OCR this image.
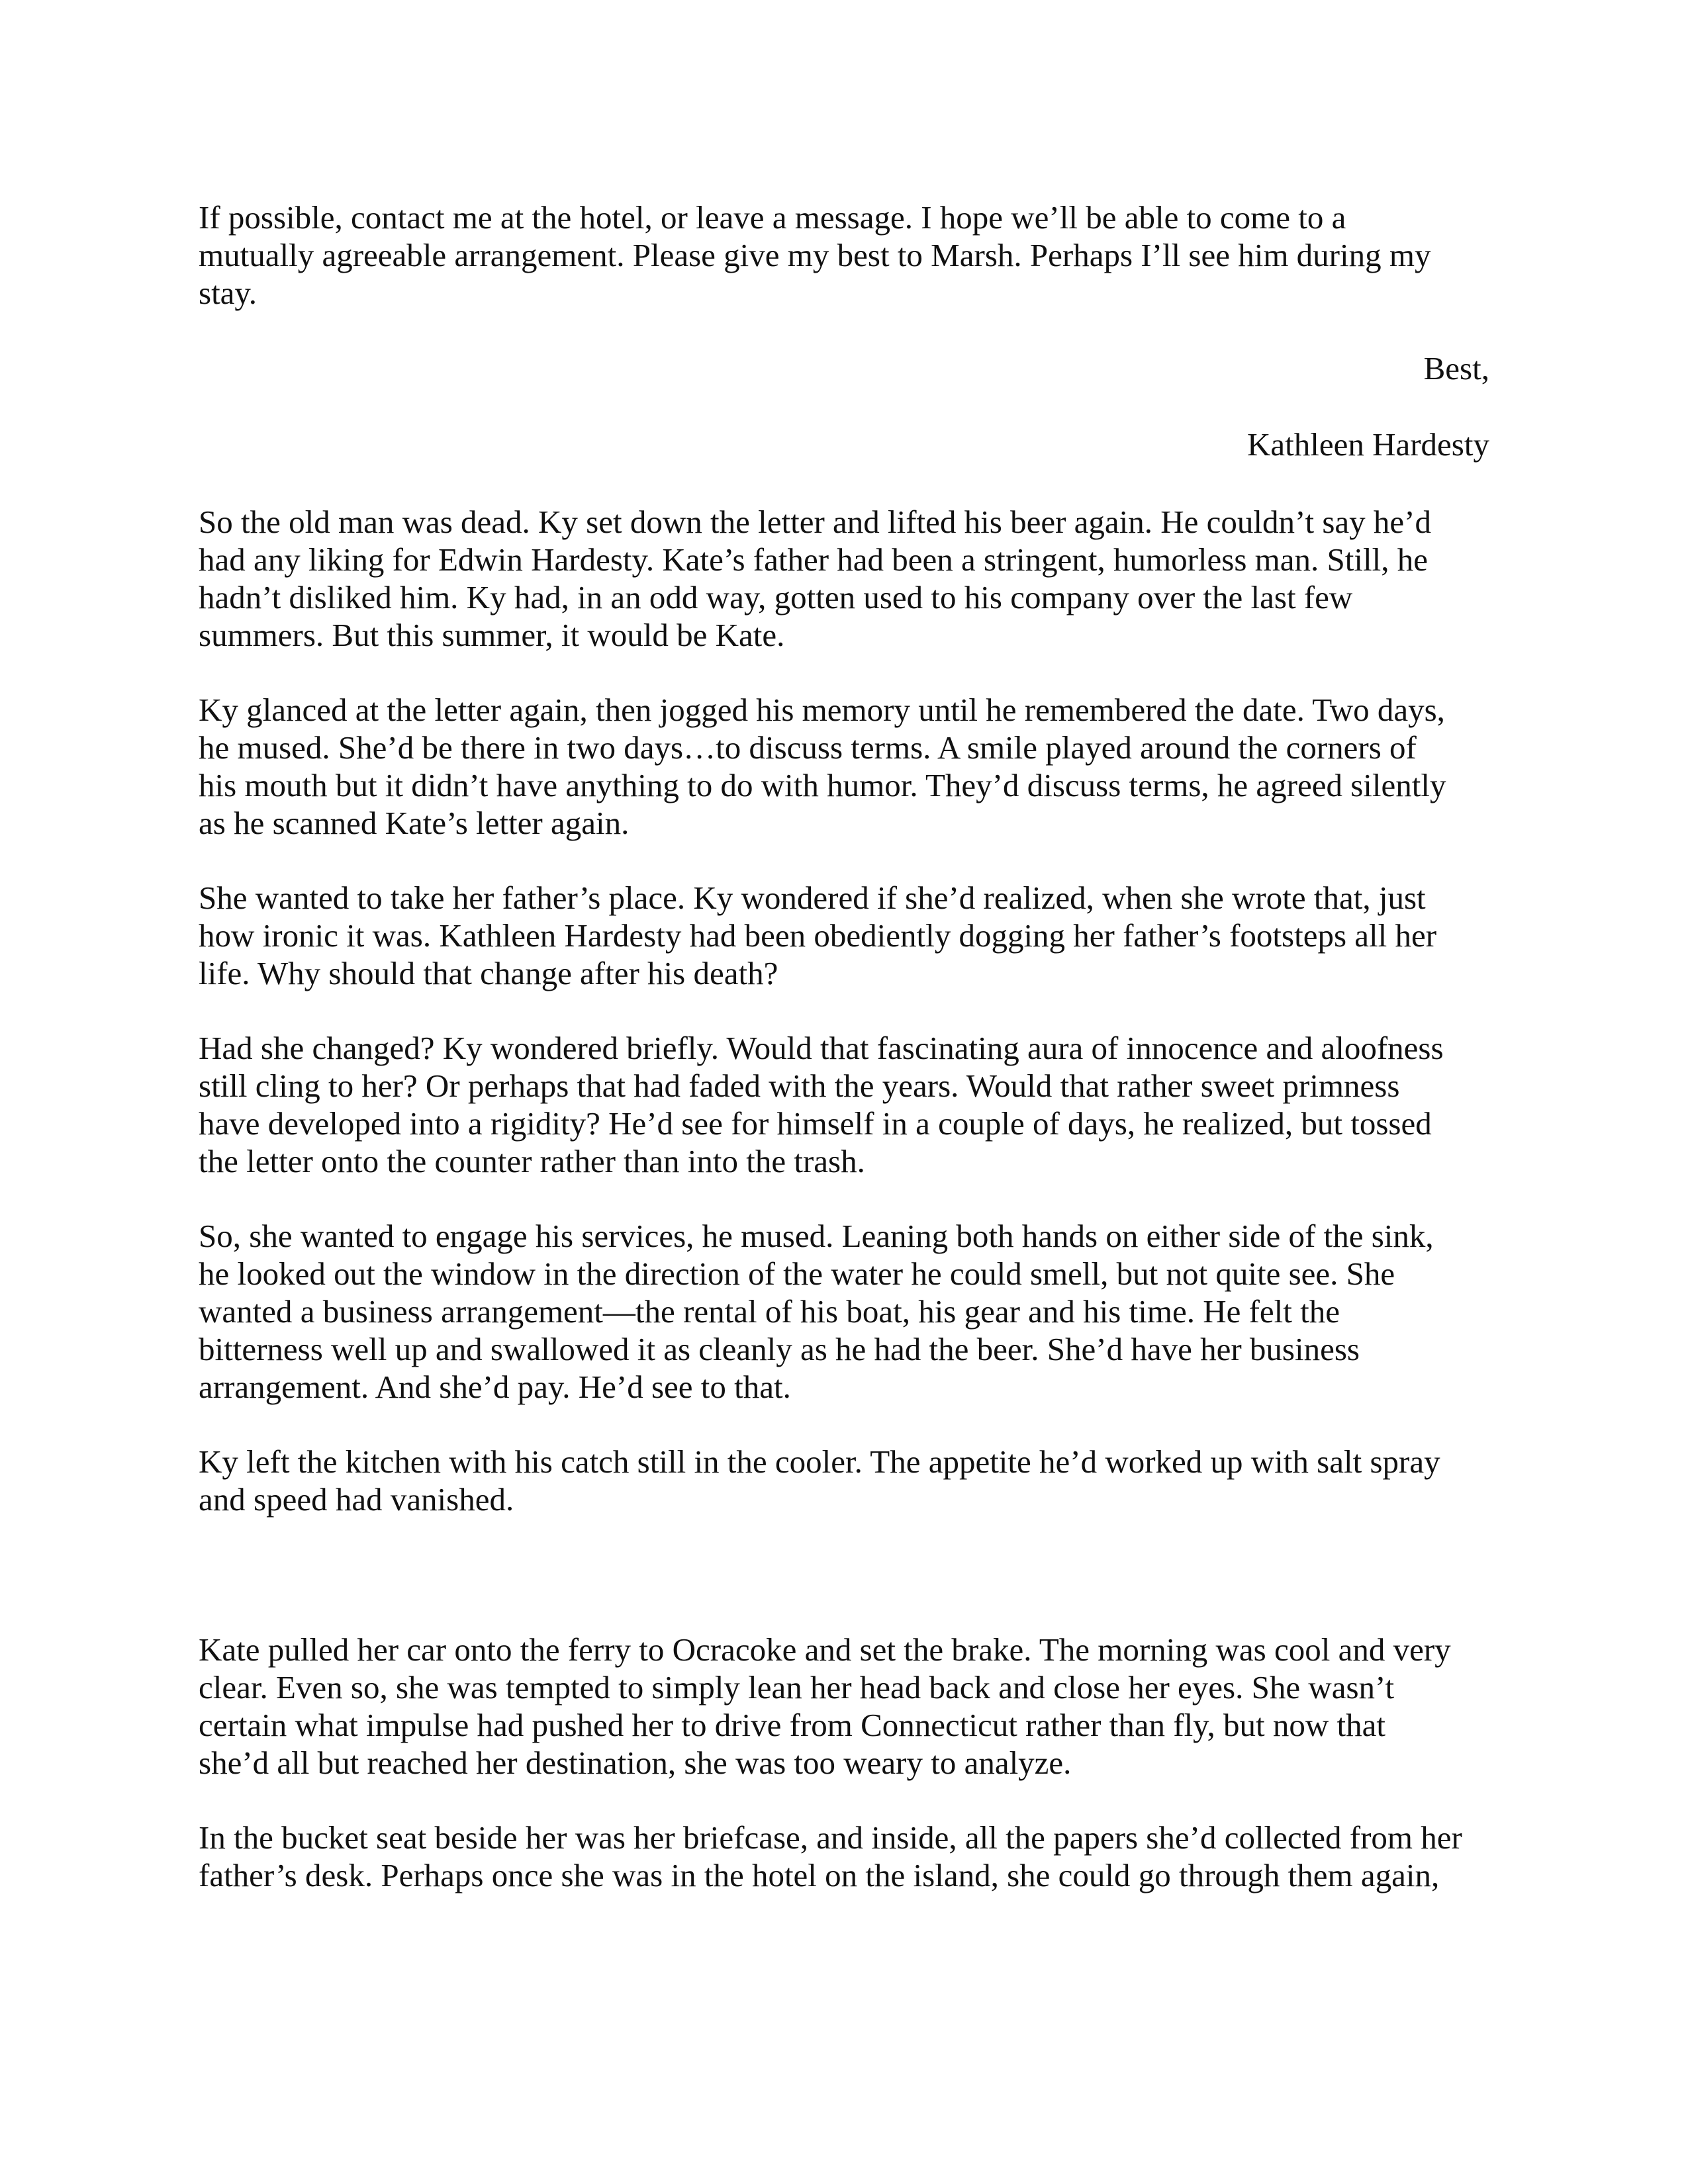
If possible, contact me at the hotel, or leave a message. I hope we’ll be able to come to a
mutually agreeable arrangement. Please give my best to Marsh. Perhaps I’ll see him during my
stay.

Best,

Kathleen Hardesty

So the old man was dead. Ky set down the letter and lifted his beer again. He couldn’t say he’d
had any liking for Edwin Hardesty. Kate’s father had been a stringent, humorless man. Still, he
hadn’t disliked him. Ky had, in an odd way, gotten used to his company over the last few
summers. But this summer, it would be Kate.
Ky glanced at the letter again, then jogged his memory until he remembered the date. Two days,
he mused. She’d be there in two days…to discuss terms. A smile played around the corners of
his mouth but it didn’t have anything to do with humor. They’d discuss terms, he agreed silently
as he scanned Kate’s letter again.
She wanted to take her father’s place. Ky wondered if she’d realized, when she wrote that, just
how ironic it was. Kathleen Hardesty had been obediently dogging her father’s footsteps all her
life. Why should that change after his death?
Had she changed? Ky wondered briefly. Would that fascinating aura of innocence and aloofness
still cling to her? Or perhaps that had faded with the years. Would that rather sweet primness
have developed into a rigidity? He’d see for himself in a couple of days, he realized, but tossed
the letter onto the counter rather than into the trash.
So, she wanted to engage his services, he mused. Leaning both hands on either side of the sink,
he looked out the window in the direction of the water he could smell, but not quite see. She
wanted a business arrangement—the rental of his boat, his gear and his time. He felt the
bitterness well up and swallowed it as cleanly as he had the beer. She’d have her business
arrangement. And she’d pay. He’d see to that.
Ky left the kitchen with his catch still in the cooler. The appetite he’d worked up with salt spray
and speed had vanished.
Kate pulled her car onto the ferry to Ocracoke and set the brake. The morning was cool and very
clear. Even so, she was tempted to simply lean her head back and close her eyes. She wasn’t
certain what impulse had pushed her to drive from Connecticut rather than fly, but now that
she’d all but reached her destination, she was too weary to analyze.
In the bucket seat beside her was her briefcase, and inside, all the papers she’d collected from her
father’s desk. Perhaps once she was in the hotel on the island, she could go through them again,
